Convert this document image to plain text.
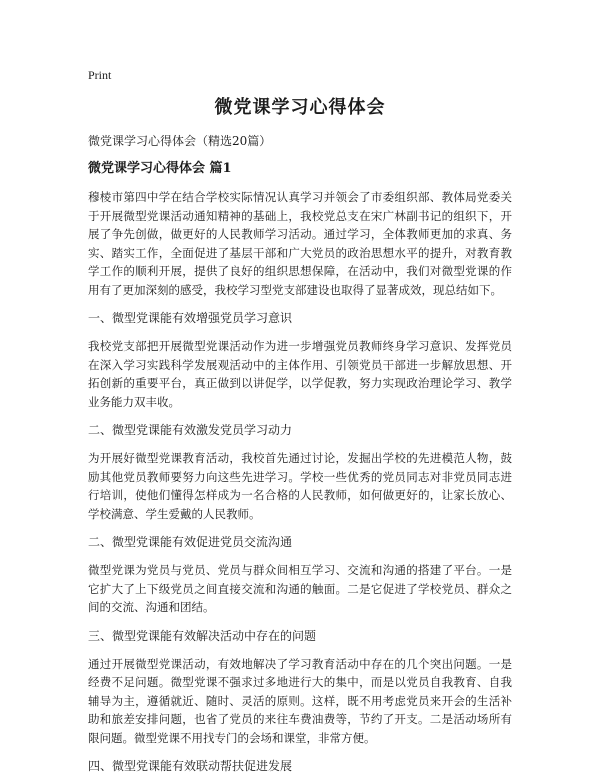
Print
微党课学习心得体会
微党课学习心得体会（精选20篇）
微党课学习心得体会 篇1
穆棱市第四中学在结合学校实际情况认真学习并领会了市委组织部、教体局党委关于开展微型党课活动通知精神的基础上，我校党总支在宋广林副书记的组织下，开展了争先创做，做更好的人民教师学习活动。通过学习，全体教师更加的求真、务实、踏实工作，全面促进了基层干部和广大党员的政治思想水平的提升，对教育教学工作的顺利开展，提供了良好的组织思想保障，在活动中，我们对微型党课的作用有了更加深刻的感受，我校学习型党支部建设也取得了显著成效，现总结如下。
一、微型党课能有效增强党员学习意识
我校党支部把开展微型党课活动作为进一步增强党员教师终身学习意识、发挥党员在深入学习实践科学发展观活动中的主体作用、引领党员干部进一步解放思想、开拓创新的重要平台，真正做到以讲促学，以学促教，努力实现政治理论学习、教学业务能力双丰收。
二、微型党课能有效激发党员学习动力
为开展好微型党课教育活动，我校首先通过讨论，发掘出学校的先进模范人物，鼓励其他党员教师要努力向这些先进学习。学校一些优秀的党员同志对非党员同志进行培训，使他们懂得怎样成为一名合格的人民教师，如何做更好的，让家长放心、学校满意、学生爱戴的人民教师。
二、微型党课能有效促进党员交流沟通
微型党课为党员与党员、党员与群众间相互学习、交流和沟通的搭建了平台。一是它扩大了上下级党员之间直接交流和沟通的触面。二是它促进了学校党员、群众之间的交流、沟通和团结。
三、微型党课能有效解决活动中存在的问题
通过开展微型党课活动，有效地解决了学习教育活动中存在的几个突出问题。一是经费不足问题。微型党课不强求过多地进行大的集中，而是以党员自我教育、自我辅导为主，遵循就近、随时、灵活的原则。这样，既不用考虑党员来开会的生活补助和旅差安排问题，也省了党员的来往车费油费等，节约了开支。二是活动场所有限问题。微型党课不用找专门的会场和课堂，非常方便。
四、微型党课能有效联动帮扶促进发展
